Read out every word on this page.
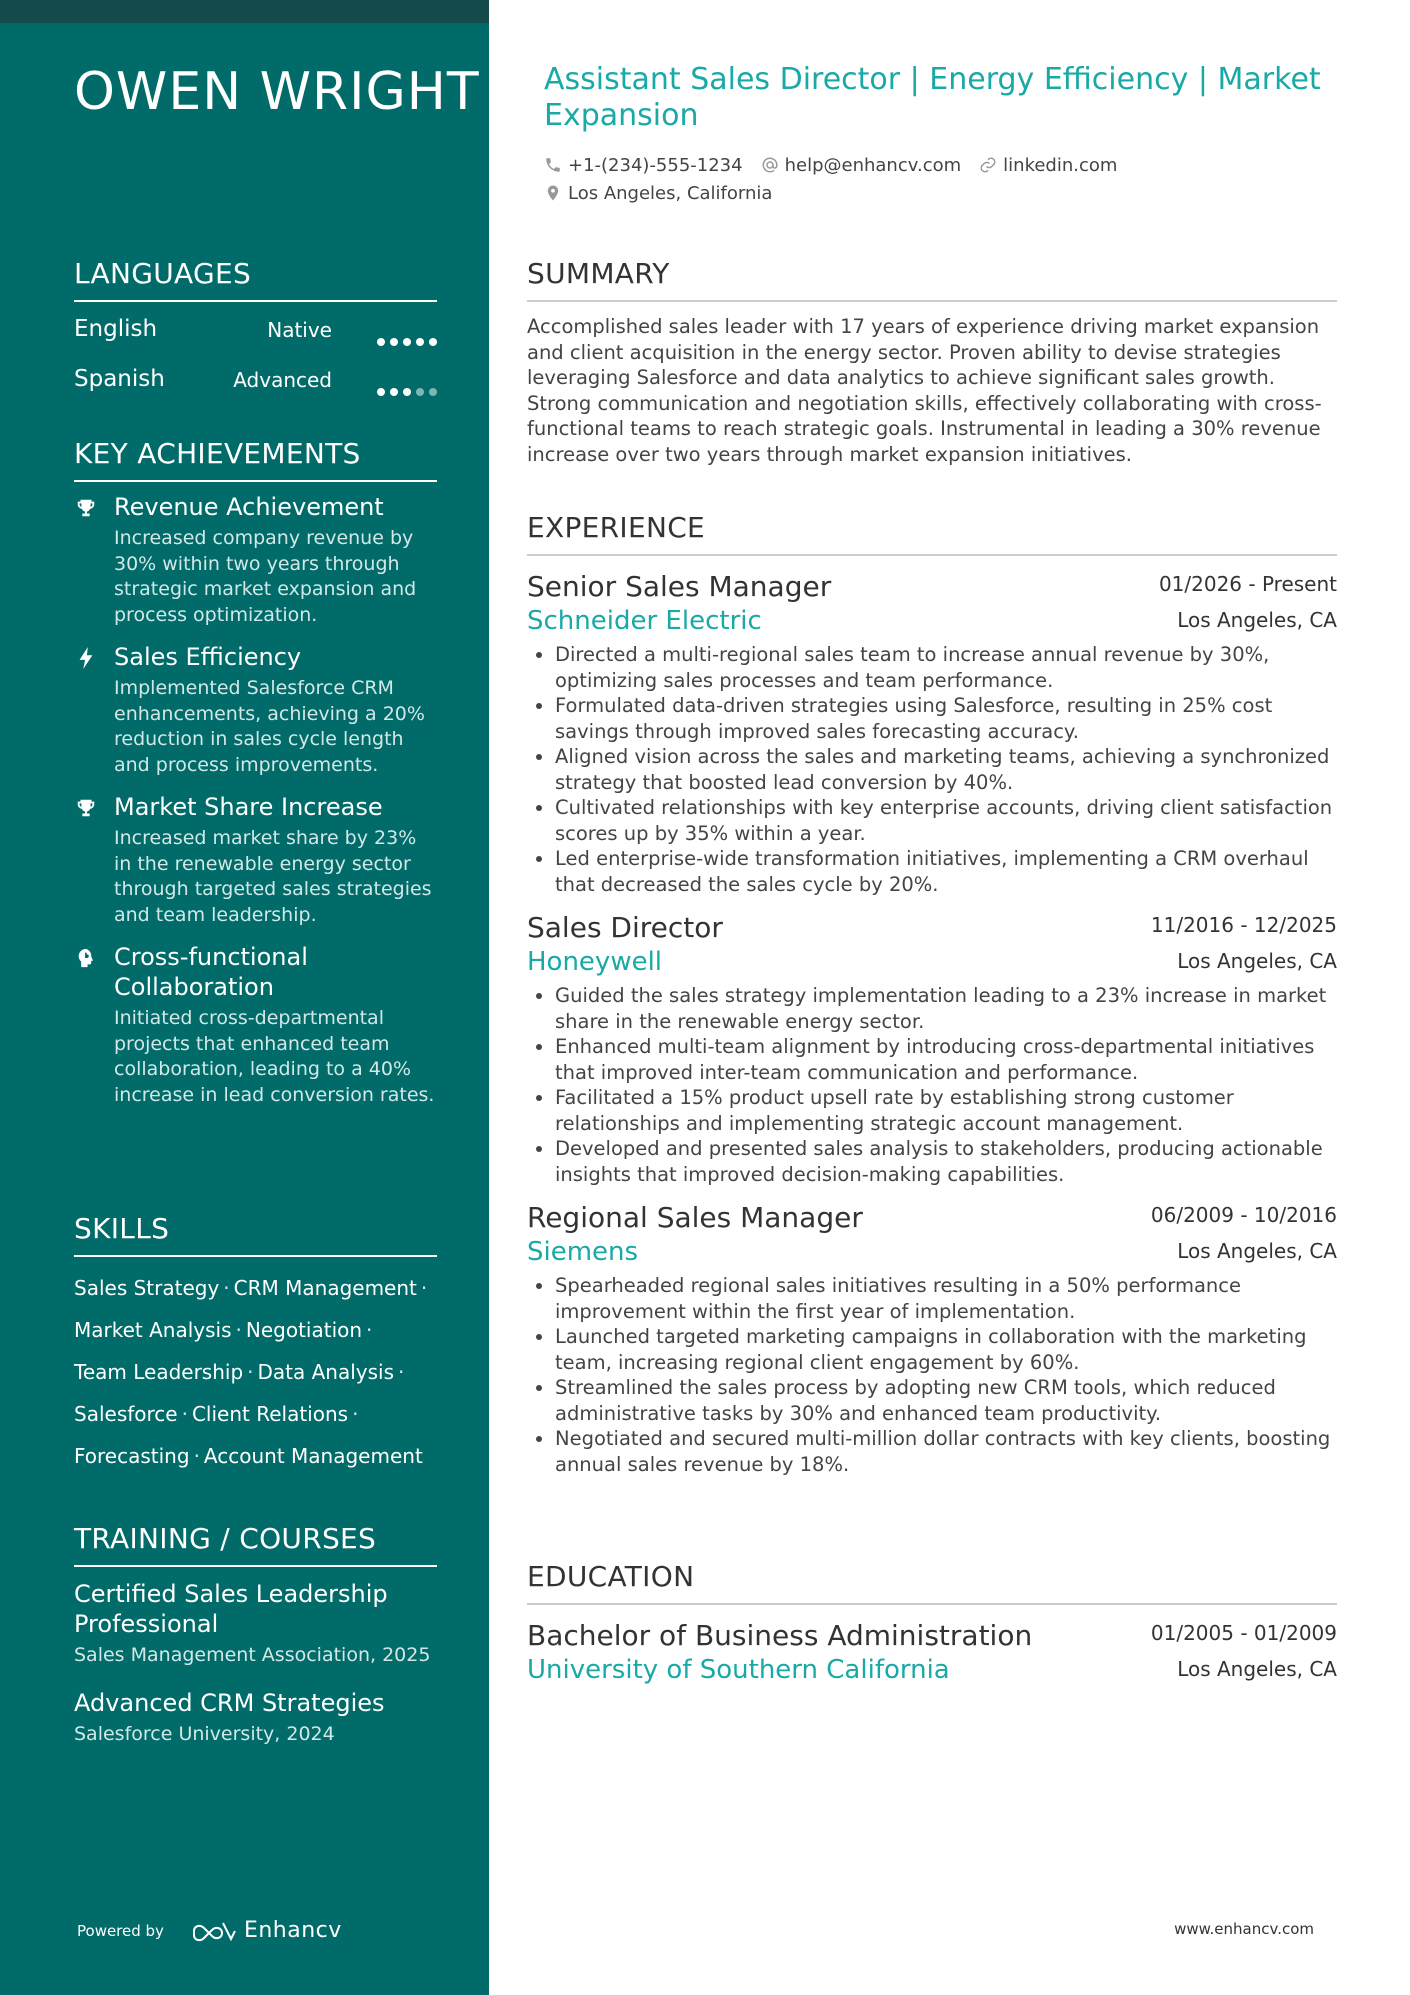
OWEN WRIGHT
LANGUAGES
English	Native
Spanish	Advanced
KEY ACHIEVEMENTS
Revenue Achievement
Increased company revenue by 30% within two years through strategic market expansion and process optimization.
Sales Efficiency
Implemented Salesforce CRM enhancements, achieving a 20% reduction in sales cycle length and process improvements.
Market Share Increase
Increased market share by 23% in the renewable energy sector through targeted sales strategies and team leadership.
Cross-functional Collaboration
Initiated cross-departmental projects that enhanced team collaboration, leading to a 40% increase in lead conversion rates.
SKILLS
Sales Strategy · CRM Management ·
Market Analysis · Negotiation ·
Team Leadership · Data Analysis ·
Salesforce · Client Relations ·
Forecasting · Account Management
TRAINING / COURSES
Certified Sales Leadership Professional
Sales Management Association, 2025
Advanced CRM Strategies
Salesforce University, 2024
Powered by	Enhancv
Assistant Sales Director | Energy Efficiency | Market Expansion
+1-(234)-555-1234 help@enhancv.com linkedin.com
Los Angeles, California
SUMMARY
Accomplished sales leader with 17 years of experience driving market expansion and client acquisition in the energy sector. Proven ability to devise strategies leveraging Salesforce and data analytics to achieve significant sales growth. Strong communication and negotiation skills, effectively collaborating with cross-functional teams to reach strategic goals. Instrumental in leading a 30% revenue increase over two years through market expansion initiatives.
EXPERIENCE
Senior Sales Manager	01/2026 - Present
Schneider Electric	Los Angeles, CA
• Directed a multi-regional sales team to increase annual revenue by 30%, optimizing sales processes and team performance.
• Formulated data-driven strategies using Salesforce, resulting in 25% cost savings through improved sales forecasting accuracy.
• Aligned vision across the sales and marketing teams, achieving a synchronized strategy that boosted lead conversion by 40%.
• Cultivated relationships with key enterprise accounts, driving client satisfaction scores up by 35% within a year.
• Led enterprise-wide transformation initiatives, implementing a CRM overhaul that decreased the sales cycle by 20%.
Sales Director	11/2016 - 12/2025
Honeywell	Los Angeles, CA
• Guided the sales strategy implementation leading to a 23% increase in market share in the renewable energy sector.
• Enhanced multi-team alignment by introducing cross-departmental initiatives that improved inter-team communication and performance.
• Facilitated a 15% product upsell rate by establishing strong customer relationships and implementing strategic account management.
• Developed and presented sales analysis to stakeholders, producing actionable insights that improved decision-making capabilities.
Regional Sales Manager	06/2009 - 10/2016
Siemens	Los Angeles, CA
• Spearheaded regional sales initiatives resulting in a 50% performance improvement within the first year of implementation.
• Launched targeted marketing campaigns in collaboration with the marketing team, increasing regional client engagement by 60%.
• Streamlined the sales process by adopting new CRM tools, which reduced administrative tasks by 30% and enhanced team productivity.
• Negotiated and secured multi-million dollar contracts with key clients, boosting annual sales revenue by 18%.
EDUCATION
Bachelor of Business Administration	01/2005 - 01/2009
University of Southern California	Los Angeles, CA
www.enhancv.com
